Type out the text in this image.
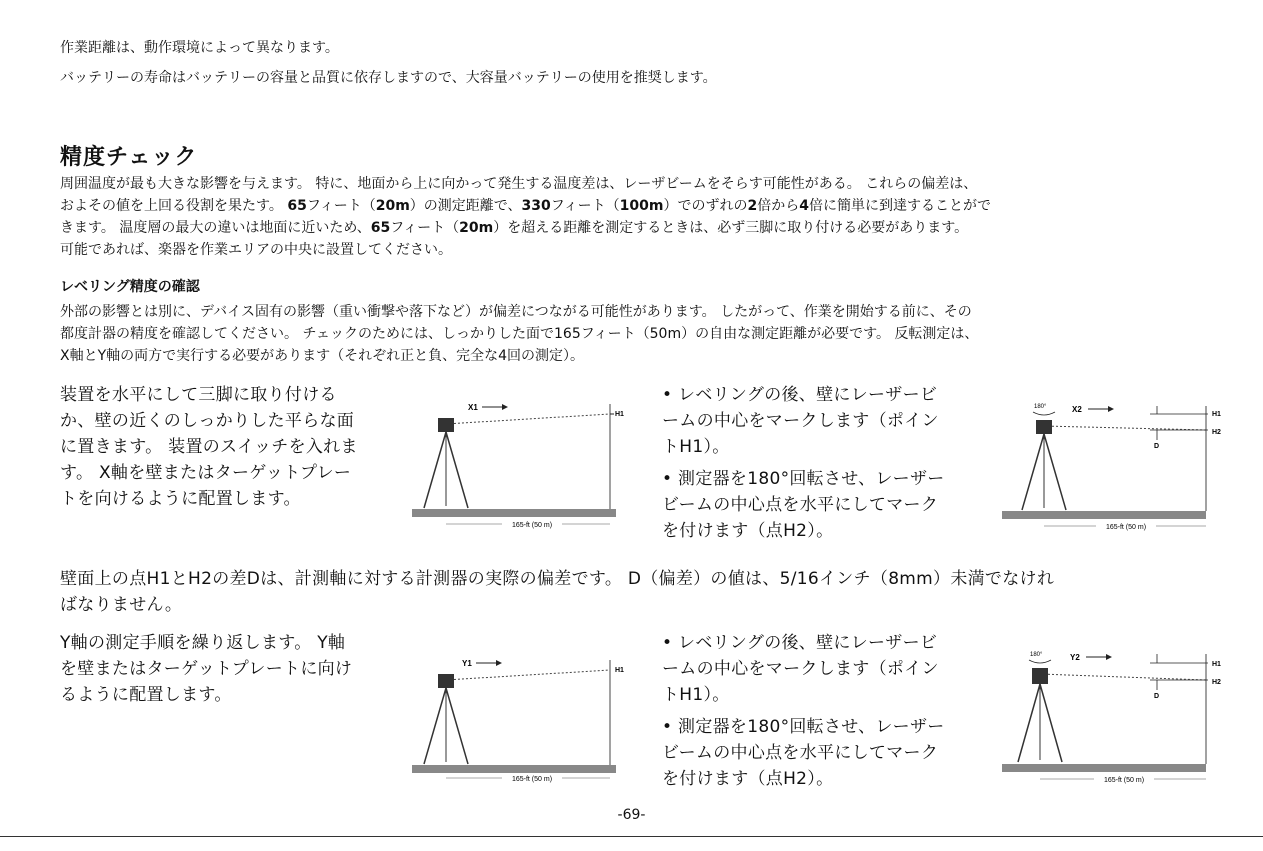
作業距離は、動作環境によって異なります。
バッテリーの寿命はバッテリーの容量と品質に依存しますので、大容量バッテリーの使用を推奨します。
精度チェック
周囲温度が最も大きな影響を与えます。 特に、地面から上に向かって発生する温度差は、レーザビームをそらす可能性がある。 これらの偏差は、
およその値を上回る役割を果たす。 65フィート（20m）の測定距離で、330フィート（100m）でのずれの2倍から4倍に簡単に到達することがで
きます。 温度層の最大の違いは地面に近いため、65フィート（20m）を超える距離を測定するときは、必ず三脚に取り付ける必要があります。
可能であれば、楽器を作業エリアの中央に設置してください。
レベリング精度の確認
外部の影響とは別に、デバイス固有の影響（重い衝撃や落下など）が偏差につながる可能性があります。 したがって、作業を開始する前に、その
都度計器の精度を確認してください。 チェックのためには、しっかりした面で165フィート（50m）の自由な測定距離が必要です。 反転測定は、
X軸とY軸の両方で実行する必要があります（それぞれ正と負、完全な4回の測定）。
装置を水平にして三脚に取り付ける
か、壁の近くのしっかりした平らな面
に置きます。 装置のスイッチを入れま
す。 X軸を壁またはターゲットプレー
トを向けるように配置します。
X1
H1
165-ft (50 m)
• レベリングの後、壁にレーザービ
ームの中心をマークします（ポイン
トH1）。
• 測定器を180°回転させ、レーザー
ビームの中心点を水平にしてマーク
を付けます（点H2）。
180°	X2
H1
H2
D
165-ft (50 m)
壁面上の点H1とH2の差Dは、計測軸に対する計測器の実際の偏差です。 D（偏差）の値は、5/16インチ（8mm）未満でなけれ
ばなりません。
Y軸の測定手順を繰り返します。 Y軸
を壁またはターゲットプレートに向け
るように配置します。
Y1
H1
165-ft (50 m)
• レベリングの後、壁にレーザービ
ームの中心をマークします（ポイン
トH1）。
• 測定器を180°回転させ、レーザー
ビームの中心点を水平にしてマーク
を付けます（点H2）。
180°	Y2
H1
H2
D
165-ft (50 m)
-69-
